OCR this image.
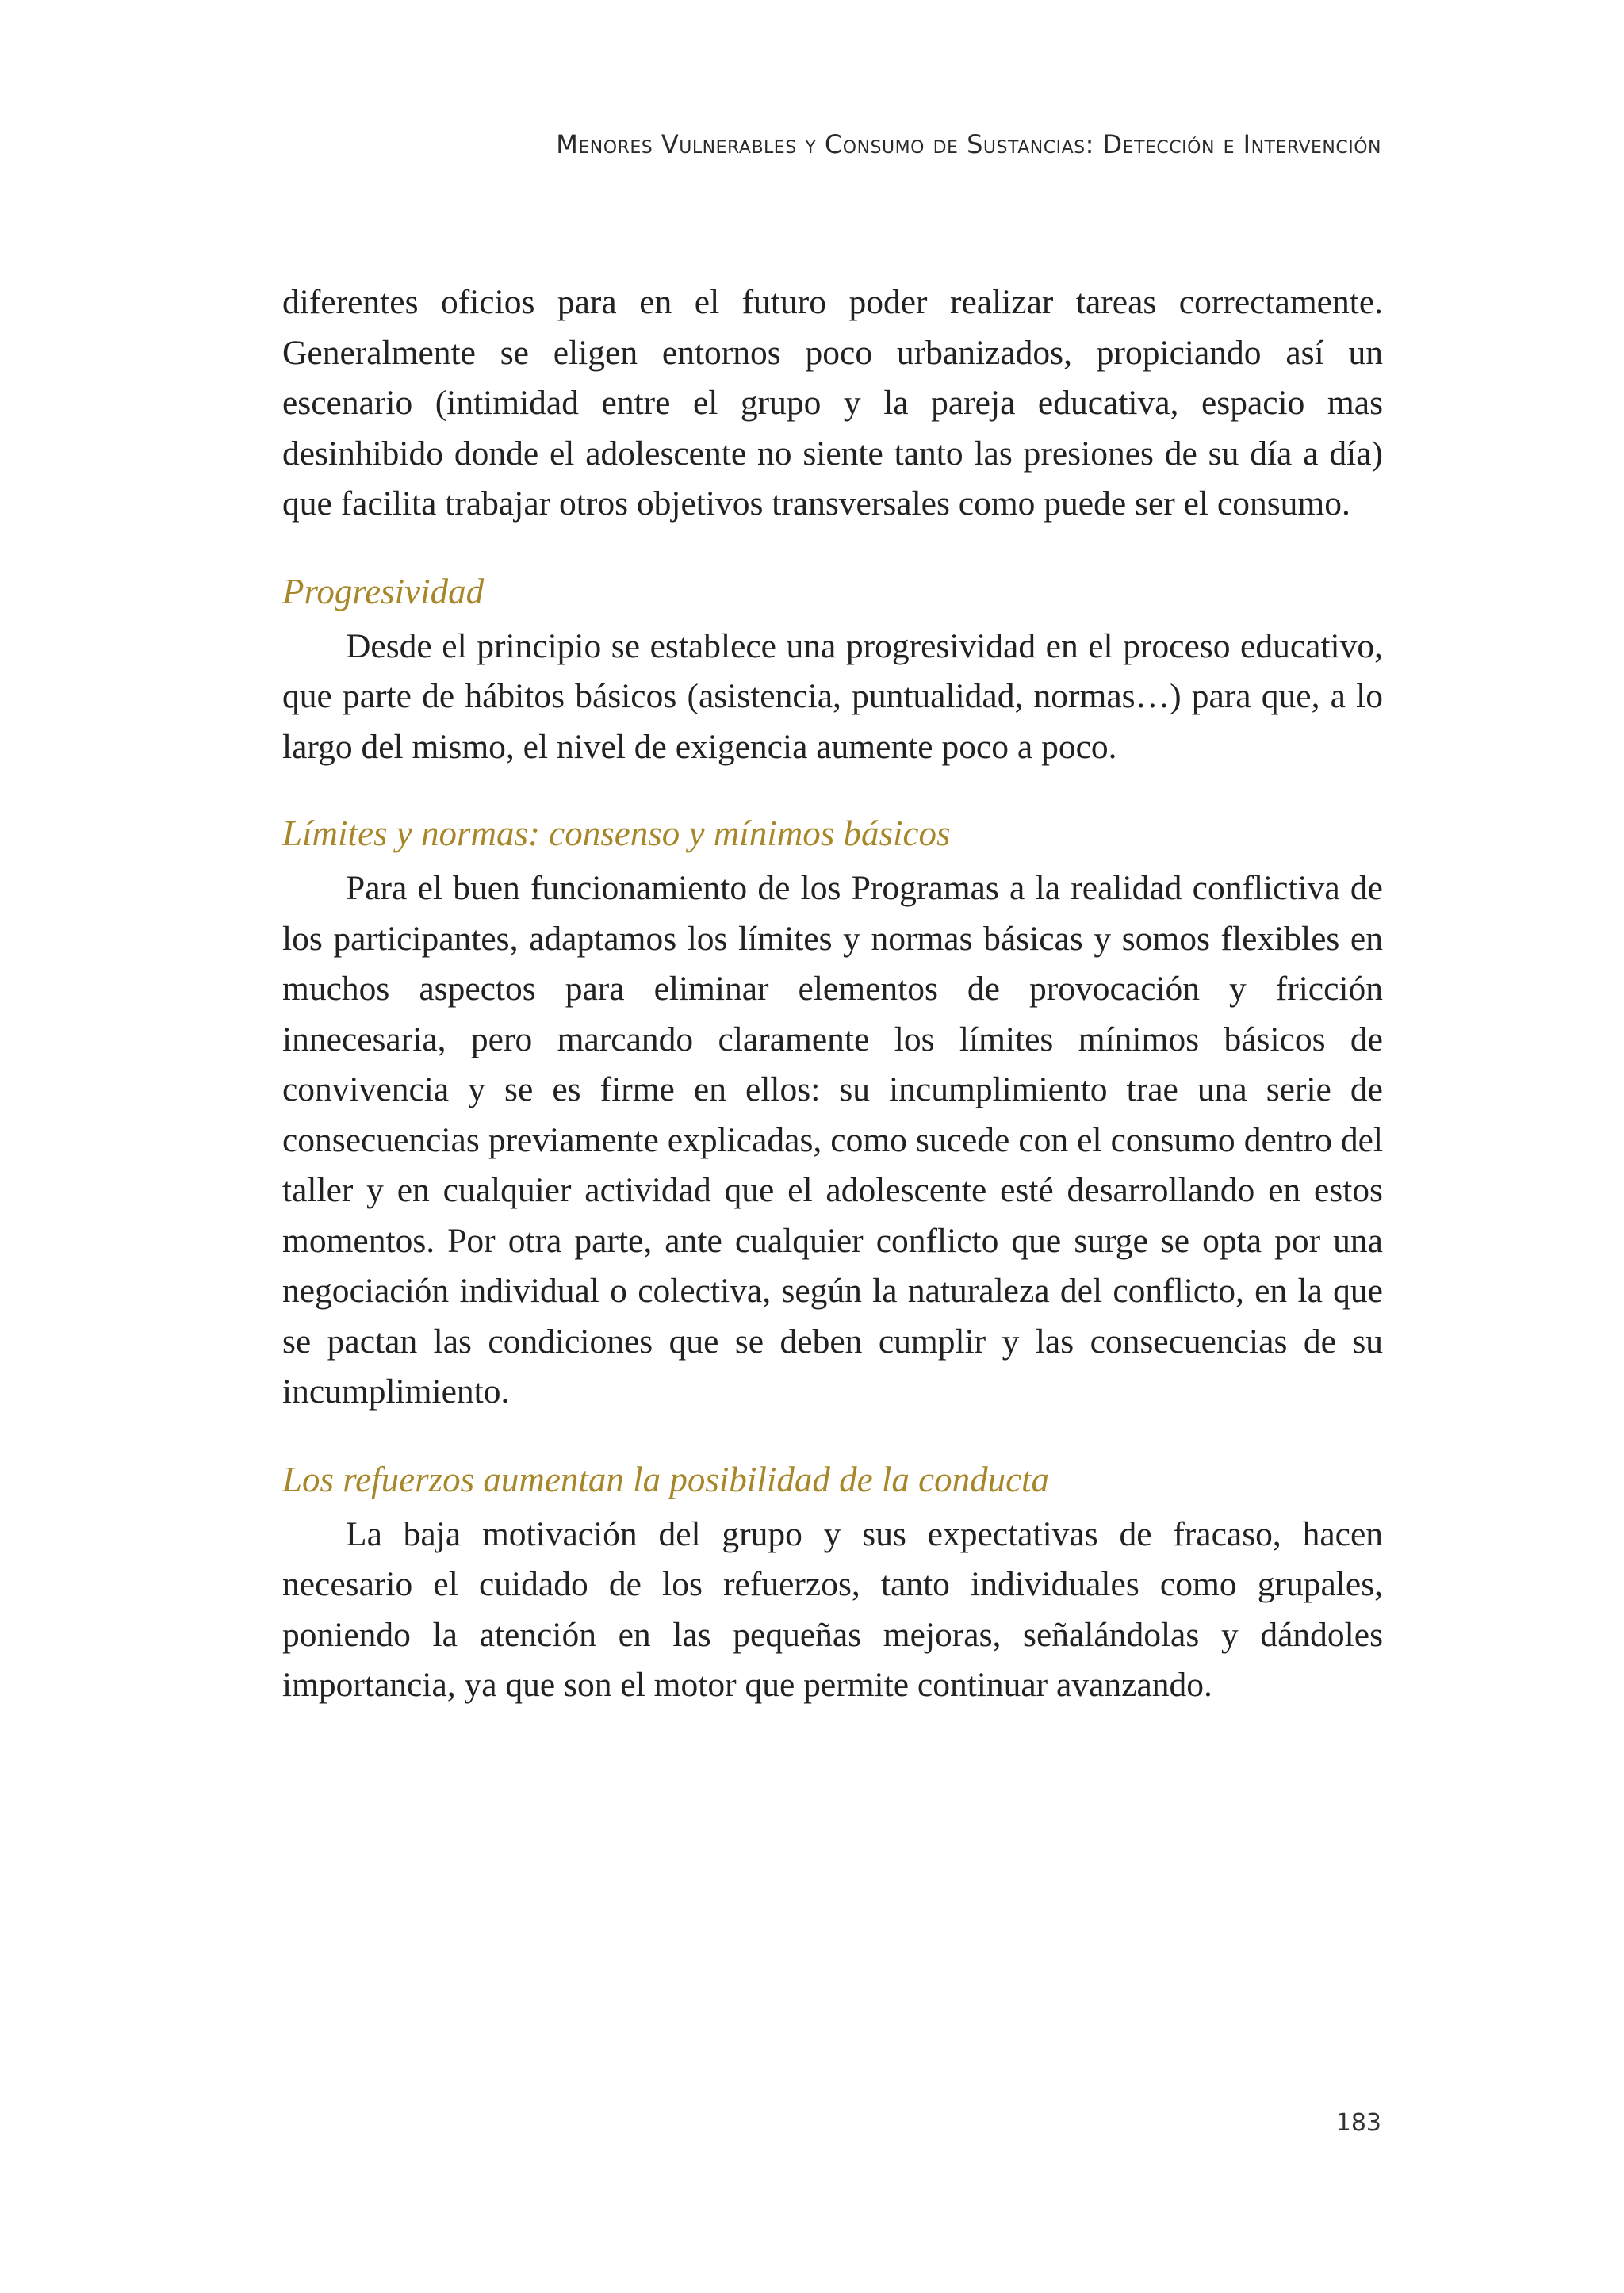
Menores Vulnerables y Consumo de Sustancias: Detección e Intervención

diferentes oficios para en el futuro poder realizar tareas correctamente. Generalmente se eligen entornos poco urbanizados, propiciando así un escenario (intimidad entre el grupo y la pareja educativa, espacio mas desinhibido donde el adolescente no siente tanto las presiones de su día a día) que facilita trabajar otros objetivos transversales como puede ser el consumo.

Progresividad

Desde el principio se establece una progresividad en el proceso educativo, que parte de hábitos básicos (asistencia, puntualidad, normas…) para que, a lo largo del mismo, el nivel de exigencia aumente poco a poco.

Límites y normas: consenso y mínimos básicos

Para el buen funcionamiento de los Programas a la realidad conflictiva de los participantes, adaptamos los límites y normas básicas y somos flexibles en muchos aspectos para eliminar elementos de provocación y fricción innecesaria, pero marcando claramente los límites mínimos básicos de convivencia y se es firme en ellos: su incumplimiento trae una serie de consecuencias previamente explicadas, como sucede con el consumo dentro del taller y en cualquier actividad que el adolescente esté desarrollando en estos momentos. Por otra parte, ante cualquier conflicto que surge se opta por una negociación individual o colectiva, según la naturaleza del conflicto, en la que se pactan las condiciones que se deben cumplir y las consecuencias de su incumplimiento.

Los refuerzos aumentan la posibilidad de la conducta

La baja motivación del grupo y sus expectativas de fracaso, hacen necesario el cuidado de los refuerzos, tanto individuales como grupales, poniendo la atención en las pequeñas mejoras, señalándolas y dándoles importancia, ya que son el motor que permite continuar avanzando.

183
